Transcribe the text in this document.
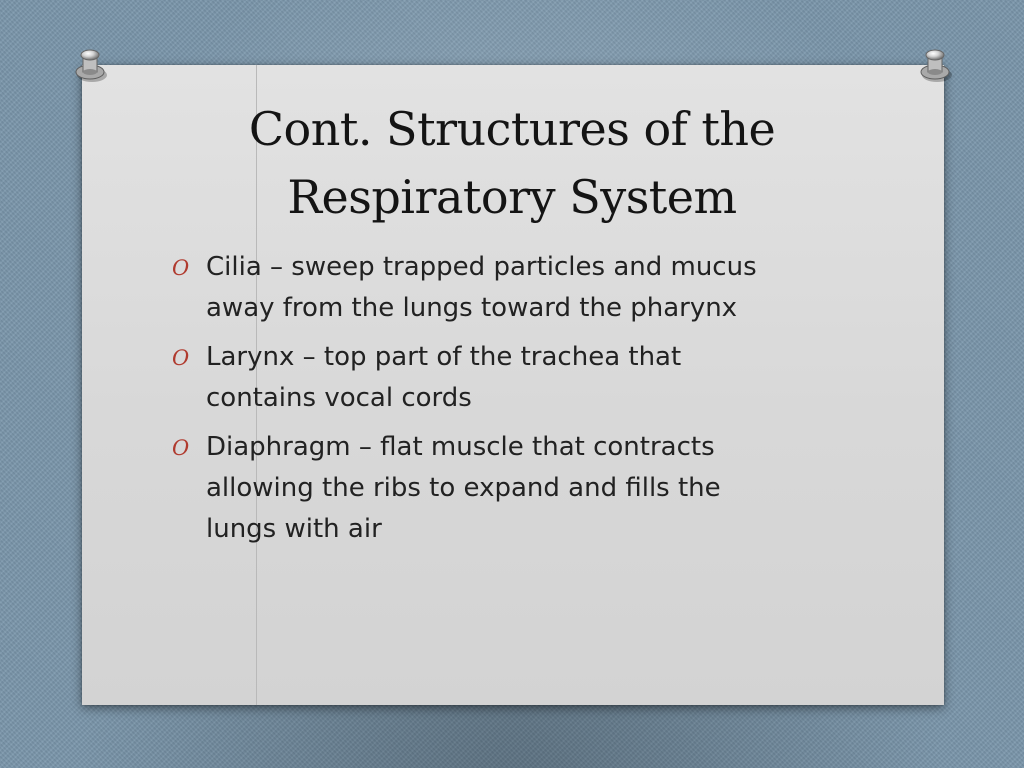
Cont. Structures of the
Respiratory System
O Cilia – sweep trapped particles and mucus
away from the lungs toward the pharynx
O Larynx – top part of the trachea that
contains vocal cords
O Diaphragm – flat muscle that contracts
allowing the ribs to expand and fills the
lungs with air
